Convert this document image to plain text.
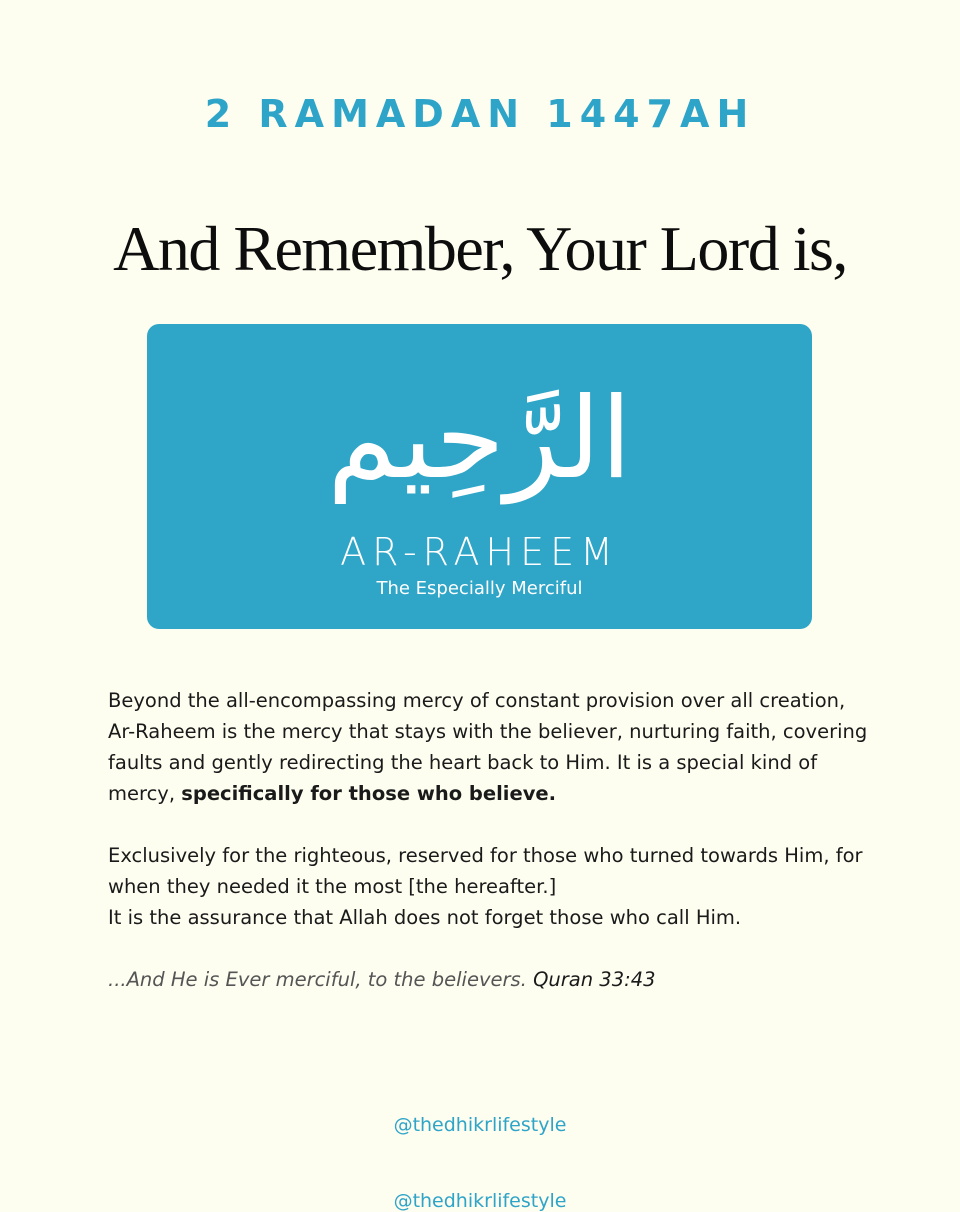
2 RAMADAN 1447AH
And Remember, Your Lord is,
الرَّحِيم
AR-RAHEEM
The Especially Merciful

Beyond the all-encompassing mercy of constant provision over all creation, Ar-Raheem is the mercy that stays with the believer, nurturing faith, covering faults and gently redirecting the heart back to Him. It is a special kind of mercy, specifically for those who believe.

Exclusively for the righteous, reserved for those who turned towards Him, for when they needed it the most [the hereafter.]
It is the assurance that Allah does not forget those who call Him.

...And He is Ever merciful, to the believers. Quran 33:43

@thedhikrlifestyle
@thedhikrlifestyle
